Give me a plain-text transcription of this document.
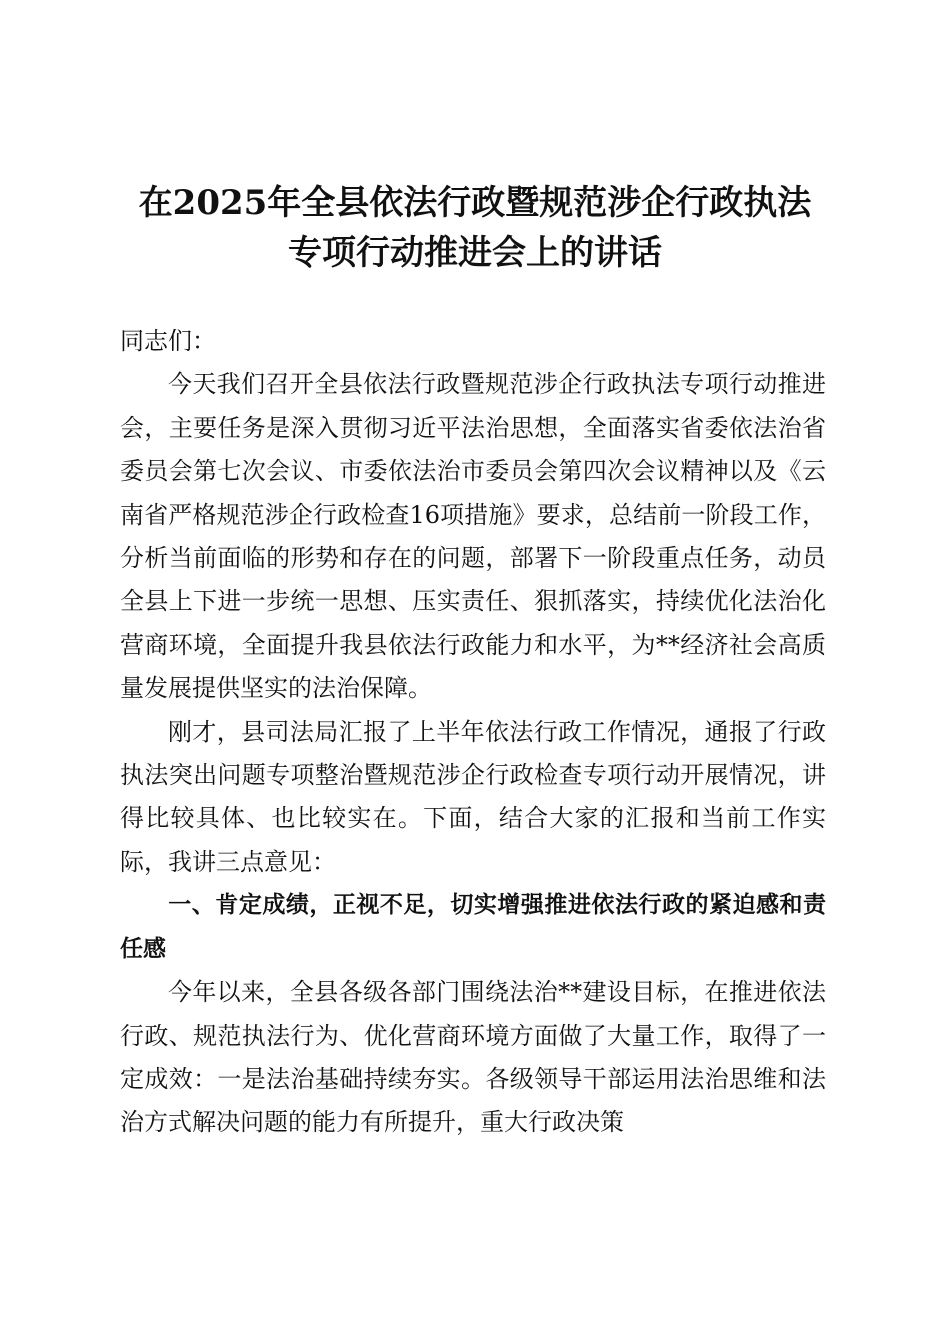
在2025年全县依法行政暨规范涉企行政执法
专项行动推进会上的讲话

同志们：

今天我们召开全县依法行政暨规范涉企行政执法专项行动推进会，主要任务是深入贯彻习近平法治思想，全面落实省委依法治省委员会第七次会议、市委依法治市委员会第四次会议精神以及《云南省严格规范涉企行政检查16项措施》要求，总结前一阶段工作，分析当前面临的形势和存在的问题，部署下一阶段重点任务，动员全县上下进一步统一思想、压实责任、狠抓落实，持续优化法治化营商环境，全面提升我县依法行政能力和水平，为**经济社会高质量发展提供坚实的法治保障。

刚才，县司法局汇报了上半年依法行政工作情况，通报了行政执法突出问题专项整治暨规范涉企行政检查专项行动开展情况，讲得比较具体、也比较实在。下面，结合大家的汇报和当前工作实际，我讲三点意见：

一、肯定成绩，正视不足，切实增强推进依法行政的紧迫感和责任感

今年以来，全县各级各部门围绕法治**建设目标，在推进依法行政、规范执法行为、优化营商环境方面做了大量工作，取得了一定成效：一是法治基础持续夯实。各级领导干部运用法治思维和法治方式解决问题的能力有所提升，重大行政决策
